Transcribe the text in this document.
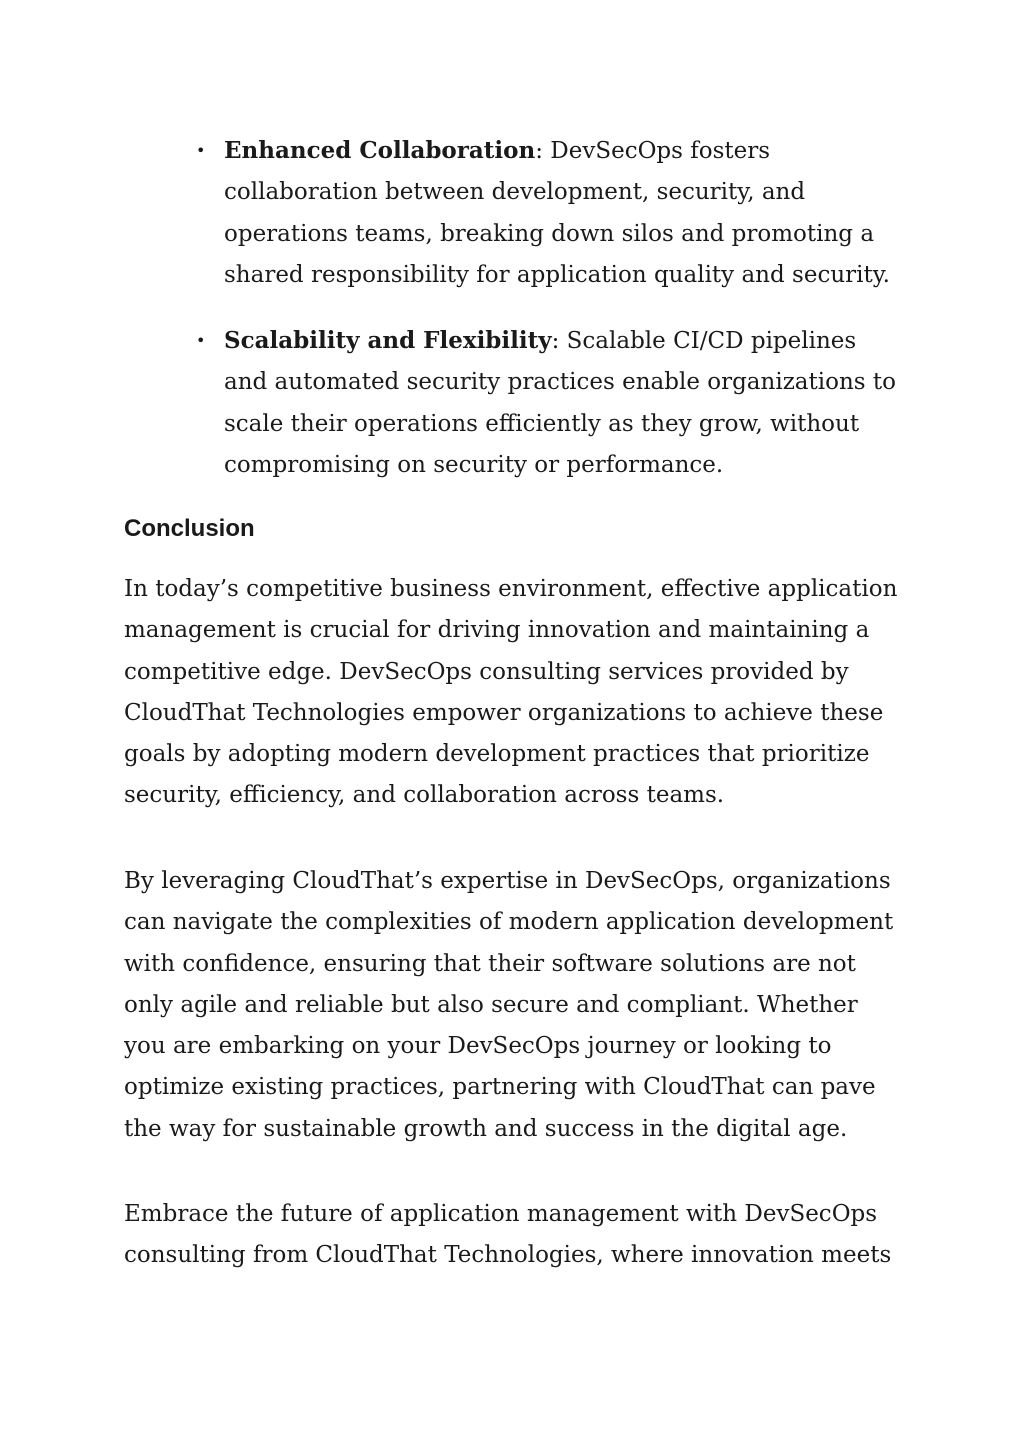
• Enhanced Collaboration: DevSecOps fosters collaboration between development, security, and operations teams, breaking down silos and promoting a shared responsibility for application quality and security.
• Scalability and Flexibility: Scalable CI/CD pipelines and automated security practices enable organizations to scale their operations efficiently as they grow, without compromising on security or performance.
Conclusion

In today’s competitive business environment, effective application management is crucial for driving innovation and maintaining a competitive edge. DevSecOps consulting services provided by CloudThat Technologies empower organizations to achieve these goals by adopting modern development practices that prioritize security, efficiency, and collaboration across teams.

By leveraging CloudThat’s expertise in DevSecOps, organizations can navigate the complexities of modern application development with confidence, ensuring that their software solutions are not only agile and reliable but also secure and compliant. Whether you are embarking on your DevSecOps journey or looking to optimize existing practices, partnering with CloudThat can pave the way for sustainable growth and success in the digital age.

Embrace the future of application management with DevSecOps consulting from CloudThat Technologies, where innovation meets
